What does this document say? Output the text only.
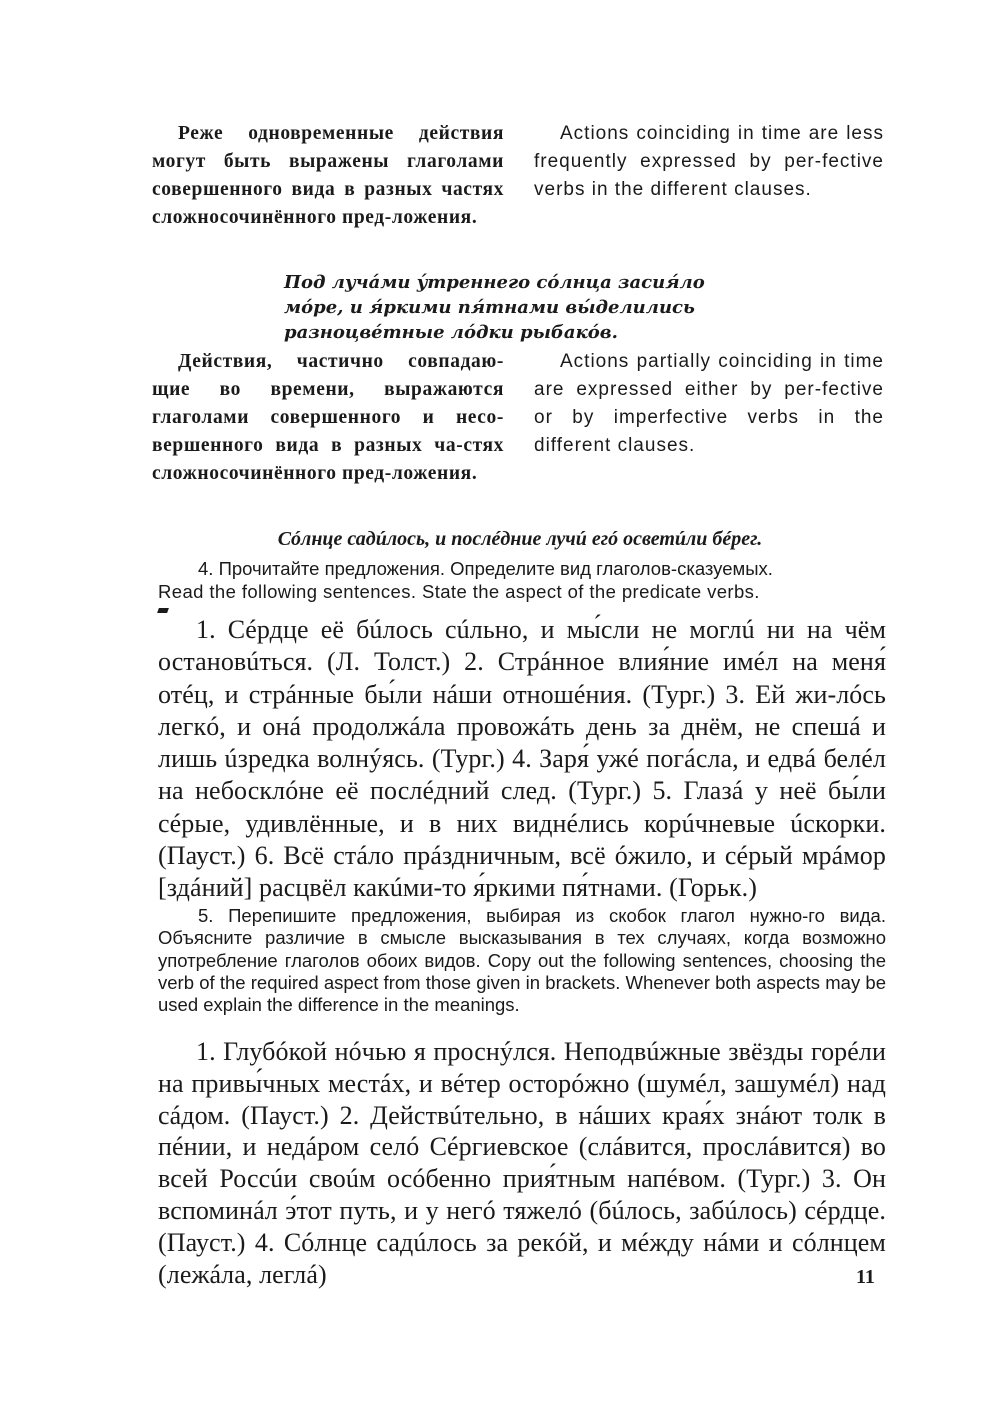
Реже одновременные действия могут быть выражены глаголами совершенного вида в разных частях сложносочинённого пред-ложения.
Actions coinciding in time are less frequently expressed by per-fective verbs in the different clauses.
Под лучáми ýтреннего сóлнца засия́ло мóре, и я́ркими пя́тнами вы́делились разноцвéтные лóдки рыбакóв.
Действия, частично совпадаю-щие во времени, выражаются глаголами совершенного и несо-вершенного вида в разных ча-стях сложносочинённого пред-ложения.
Actions partially coinciding in time are expressed either by per-fective or by imperfective verbs in the different clauses.
Сóлнце садúлось, и послéдние лучú егó осветúли бéрег.
4. Прочитайте предложения. Определите вид глаголов-сказуемых.
Read the following sentences. State the aspect of the predicate verbs.
1. Сéрдце её бúлось сúльно, и мы́сли не моглú ни на чём остановúться. (Л. Толст.) 2. Стрáнное влия́ние имéл на меня́ отéц, и стрáнные бы́ли нáши отношéния. (Тург.) 3. Ей жи-лóсь легкó, и онá продолжáла провожáть день за днём, не спешá и лишь úзредка волнýясь. (Тург.) 4. Заря́ ужé погáсла, и едвá белéл на небосклóне её послéдний след. (Тург.) 5. Глазá у неё бы́ли сéрые, удивлённые, и в них виднéлись корúчневые úскорки. (Пауст.) 6. Всё стáло прáздничным, всё óжило, и сéрый мрáмор [здáний] расцвёл какúми-то я́ркими пя́тнами. (Горьк.)
5. Перепишите предложения, выбирая из скобок глагол нужно-го вида. Объясните различие в смысле высказывания в тех случаях, когда возможно употребление глаголов обоих видов. Copy out the following sentences, choosing the verb of the required aspect from those given in brackets. Whenever both aspects may be used explain the difference in the meanings.
1. Глубóкой нóчью я проснýлся. Неподвúжные звёзды горéли на привы́чных местáх, и вéтер осторóжно (шумéл, зашумéл) над сáдом. (Пауст.) 2. Действúтельно, в нáших края́х знáют толк в пéнии, и недáром селó Сéргиевское (слáвится, прослáвится) во всей Россúи своúм осóбенно прия́тным напéвом. (Тург.) 3. Он вспоминáл э́тот путь, и у негó тяжелó (бúлось, забúлось) сéрдце. (Пауст.) 4. Сóлнце садúлось за рекóй, и мéжду нáми и сóлнцем (лежáла, леглá)	11
